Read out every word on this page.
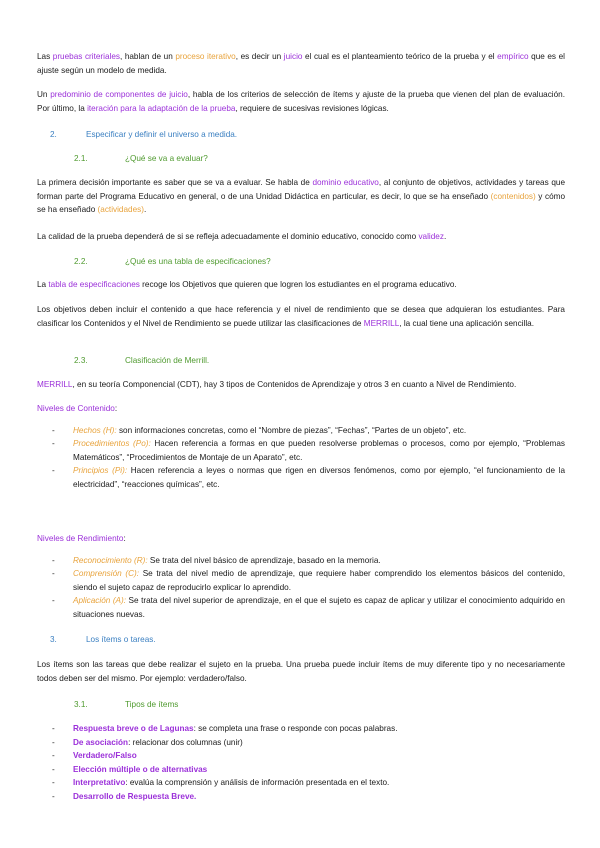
Las pruebas criteriales, hablan de un proceso iterativo, es decir un juicio el cual es el planteamiento teórico de la prueba y el empírico que es el ajuste según un modelo de medida.

Un predominio de componentes de juicio, habla de los criterios de selección de ítems y ajuste de la prueba que vienen del plan de evaluación. Por último, la iteración para la adaptación de la prueba, requiere de sucesivas revisiones lógicas.

2.	Especificar y definir el universo a medida.
2.1.	¿Qué se va a evaluar?

La primera decisión importante es saber que se va a evaluar. Se habla de dominio educativo, al conjunto de objetivos, actividades y tareas que forman parte del Programa Educativo en general, o de una Unidad Didáctica en particular, es decir, lo que se ha enseñado (contenidos) y cómo se ha enseñado (actividades).

La calidad de la prueba dependerá de si se refleja adecuadamente el dominio educativo, conocido como validez.

2.2.	¿Qué es una tabla de especificaciones?

La tabla de especificaciones recoge los Objetivos que quieren que logren los estudiantes en el programa educativo.

Los objetivos deben incluir el contenido a que hace referencia y el nivel de rendimiento que se desea que adquieran los estudiantes. Para clasificar los Contenidos y el Nivel de Rendimiento se puede utilizar las clasificaciones de MERRILL, la cual tiene una aplicación sencilla.

2.3.	Clasificación de Merrill.

MERRILL, en su teoría Componencial (CDT), hay 3 tipos de Contenidos de Aprendizaje y otros 3 en cuanto a Nivel de Rendimiento.

Niveles de Contenido:
- Hechos (H): son informaciones concretas, como el “Nombre de piezas”, “Fechas”, “Partes de un objeto”, etc.
- Procedimientos (Po): Hacen referencia a formas en que pueden resolverse problemas o procesos, como por ejemplo, “Problemas Matemáticos”, “Procedimientos de Montaje de un Aparato”, etc.
- Principios (Pi): Hacen referencia a leyes o normas que rigen en diversos fenómenos, como por ejemplo, “el funcionamiento de la electricidad”, “reacciones químicas”, etc.
Niveles de Rendimiento:
- Reconocimiento (R): Se trata del nivel básico de aprendizaje, basado en la memoria.
- Comprensión (C): Se trata del nivel medio de aprendizaje, que requiere haber comprendido los elementos básicos del contenido, siendo el sujeto capaz de reproducirlo explicar lo aprendido.
- Aplicación (A): Se trata del nivel superior de aprendizaje, en el que el sujeto es capaz de aplicar y utilizar el conocimiento adquirido en situaciones nuevas.
3.	Los ítems o tareas.

Los ítems son las tareas que debe realizar el sujeto en la prueba. Una prueba puede incluir ítems de muy diferente tipo y no necesariamente todos deben ser del mismo. Por ejemplo: verdadero/falso.

3.1.	Tipos de ítems
- Respuesta breve o de Lagunas: se completa una frase o responde con pocas palabras.
- De asociación: relacionar dos columnas (unir)
- Verdadero/Falso
- Elección múltiple o de alternativas
- Interpretativo: evalúa la comprensión y análisis de información presentada en el texto.
- Desarrollo de Respuesta Breve.
